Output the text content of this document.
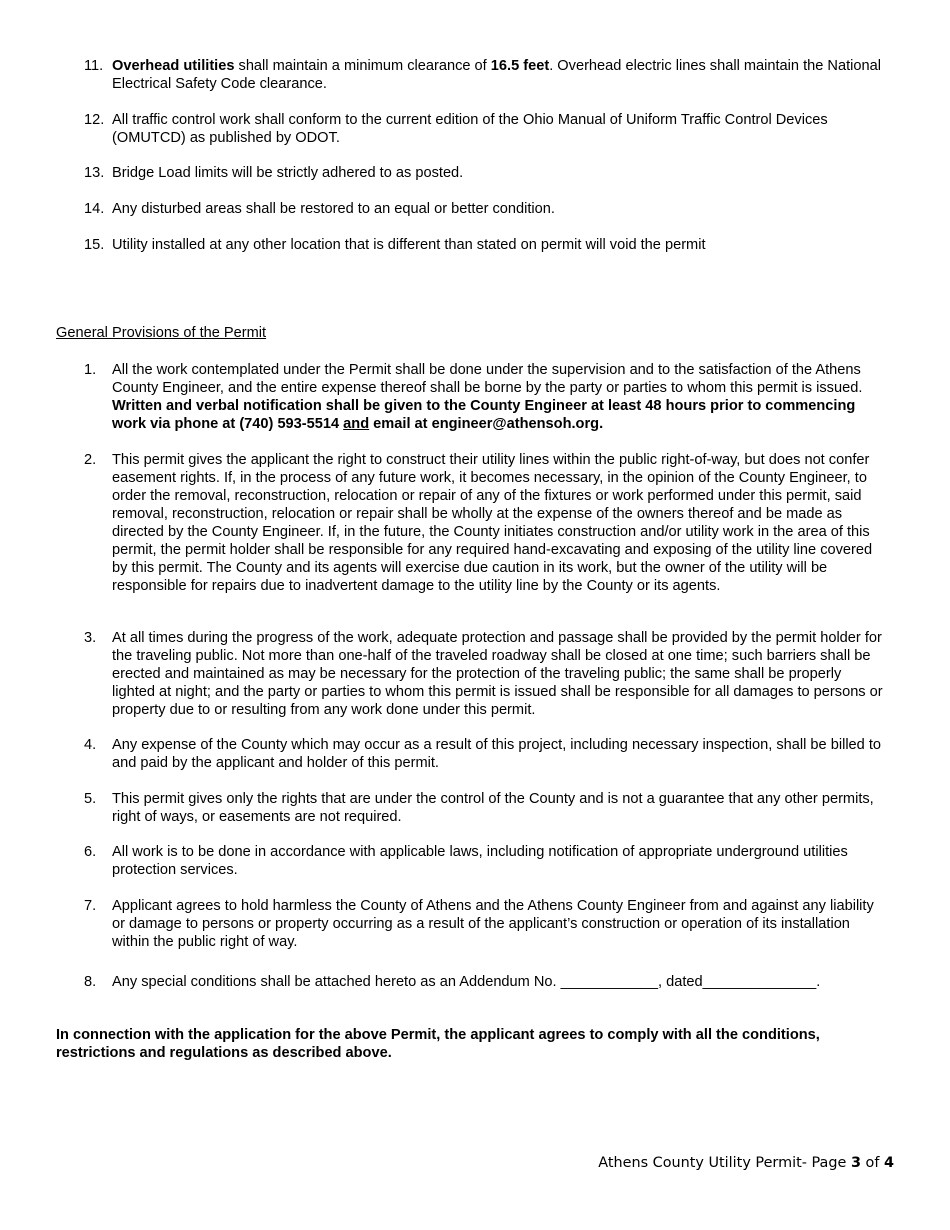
11. Overhead utilities shall maintain a minimum clearance of 16.5 feet. Overhead electric lines shall maintain the National Electrical Safety Code clearance.
12. All traffic control work shall conform to the current edition of the Ohio Manual of Uniform Traffic Control Devices (OMUTCD) as published by ODOT.
13. Bridge Load limits will be strictly adhered to as posted.
14. Any disturbed areas shall be restored to an equal or better condition.
15. Utility installed at any other location that is different than stated on permit will void the permit
General Provisions of the Permit
1. All the work contemplated under the Permit shall be done under the supervision and to the satisfaction of the Athens County Engineer, and the entire expense thereof shall be borne by the party or parties to whom this permit is issued. Written and verbal notification shall be given to the County Engineer at least 48 hours prior to commencing work via phone at (740) 593-5514 and email at engineer@athensoh.org.
2. This permit gives the applicant the right to construct their utility lines within the public right-of-way, but does not confer easement rights. If, in the process of any future work, it becomes necessary, in the opinion of the County Engineer, to order the removal, reconstruction, relocation or repair of any of the fixtures or work performed under this permit, said removal, reconstruction, relocation or repair shall be wholly at the expense of the owners thereof and be made as directed by the County Engineer. If, in the future, the County initiates construction and/or utility work in the area of this permit, the permit holder shall be responsible for any required hand-excavating and exposing of the utility line covered by this permit. The County and its agents will exercise due caution in its work, but the owner of the utility will be responsible for repairs due to inadvertent damage to the utility line by the County or its agents.
3. At all times during the progress of the work, adequate protection and passage shall be provided by the permit holder for the traveling public. Not more than one-half of the traveled roadway shall be closed at one time; such barriers shall be erected and maintained as may be necessary for the protection of the traveling public; the same shall be properly lighted at night; and the party or parties to whom this permit is issued shall be responsible for all damages to persons or property due to or resulting from any work done under this permit.
4. Any expense of the County which may occur as a result of this project, including necessary inspection, shall be billed to and paid by the applicant and holder of this permit.
5. This permit gives only the rights that are under the control of the County and is not a guarantee that any other permits, right of ways, or easements are not required.
6. All work is to be done in accordance with applicable laws, including notification of appropriate underground utilities protection services.
7. Applicant agrees to hold harmless the County of Athens and the Athens County Engineer from and against any liability or damage to persons or property occurring as a result of the applicant’s construction or operation of its installation within the public right of way.
8. Any special conditions shall be attached hereto as an Addendum No. ____________, dated______________.
In connection with the application for the above Permit, the applicant agrees to comply with all the conditions, restrictions and regulations as described above.
Athens County Utility Permit- Page 3 of 4
